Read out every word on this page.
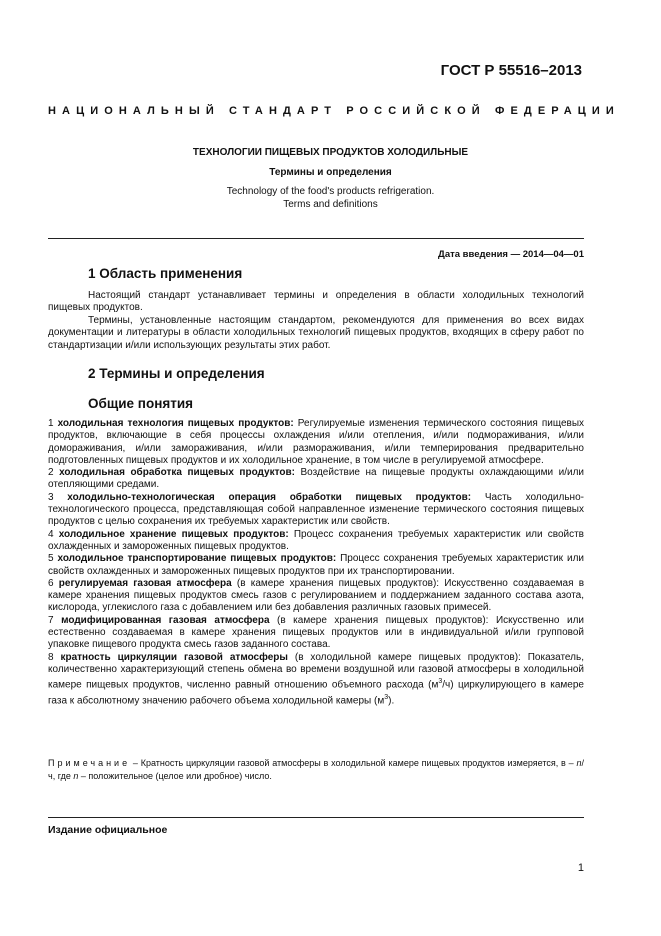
ГОСТ Р 55516–2013
НАЦИОНАЛЬНЫЙ СТАНДАРТ РОССИЙСКОЙ ФЕДЕРАЦИИ
ТЕХНОЛОГИИ ПИЩЕВЫХ ПРОДУКТОВ ХОЛОДИЛЬНЫЕ
Термины и определения
Technology of the food's products refrigeration.
Terms and definitions
Дата введения — 2014—04—01
1 Область применения
Настоящий стандарт устанавливает термины и определения в области холодильных технологий пищевых продуктов.
Термины, установленные настоящим стандартом, рекомендуются для применения во всех видах документации и литературы в области холодильных технологий пищевых продуктов, входящих в сферу работ по стандартизации и/или использующих результаты этих работ.
2 Термины и определения
Общие понятия
1 холодильная технология пищевых продуктов: Регулируемые изменения термического состояния пищевых продуктов, включающие в себя процессы охлаждения и/или отепления, и/или подмораживания, и/или домораживания, и/или замораживания, и/или размораживания, и/или темперирования предварительно подготовленных пищевых продуктов и их холодильное хранение, в том числе в регулируемой атмосфере.
2 холодильная обработка пищевых продуктов: Воздействие на пищевые продукты охлаждающими и/или отепляющими средами.
3 холодильно-технологическая операция обработки пищевых продуктов: Часть холодильно-технологического процесса, представляющая собой направленное изменение термического состояния пищевых продуктов с целью сохранения их требуемых характеристик или свойств.
4 холодильное хранение пищевых продуктов: Процесс сохранения требуемых характеристик или свойств охлажденных и замороженных пищевых продуктов.
5 холодильное транспортирование пищевых продуктов: Процесс сохранения требуемых характеристик или свойств охлажденных и замороженных пищевых продуктов при их транспортировании.
6 регулируемая газовая атмосфера (в камере хранения пищевых продуктов): Искусственно создаваемая в камере хранения пищевых продуктов смесь газов с регулированием и поддержанием заданного состава азота, кислорода, углекислого газа с добавлением или без добавления различных газовых примесей.
7 модифицированная газовая атмосфера (в камере хранения пищевых продуктов): Искусственно или естественно создаваемая в камере хранения пищевых продуктов или в индивидуальной и/или групповой упаковке пищевого продукта смесь газов заданного состава.
8 кратность циркуляции газовой атмосферы (в холодильной камере пищевых продуктов): Показатель, количественно характеризующий степень обмена во времени воздушной или газовой атмосферы в холодильной камере пищевых продуктов, численно равный отношению объемного расхода $(м^3/ч)$ циркулирующего в камере газа к абсолютному значению рабочего объема холодильной камеры $(м^3)$.
Примечание – Кратность циркуляции газовой атмосферы в холодильной камере пищевых продуктов измеряется, в – n/ч, где n – положительное (целое или дробное) число.
Издание официальное
1
